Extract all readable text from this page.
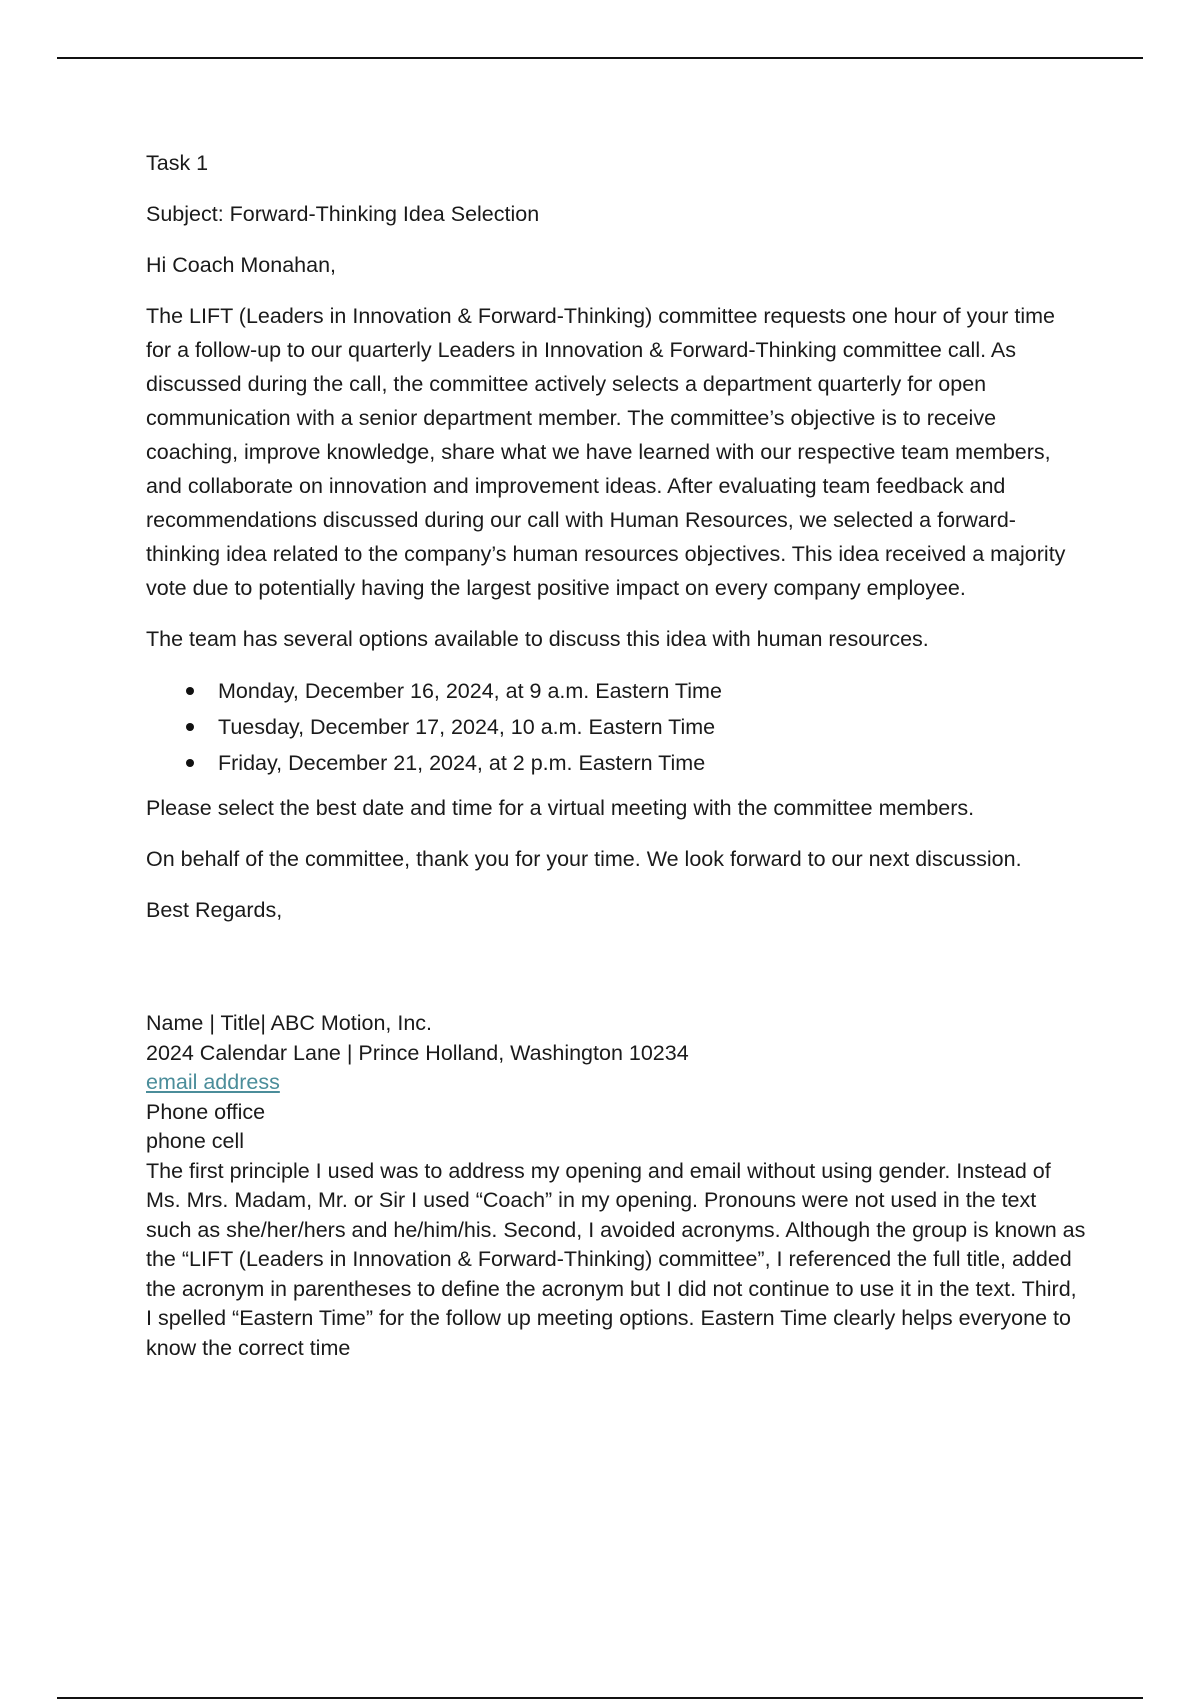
Task 1

Subject: Forward-Thinking Idea Selection

Hi Coach Monahan,

The LIFT (Leaders in Innovation & Forward-Thinking) committee requests one hour of your time for a follow-up to our quarterly Leaders in Innovation & Forward-Thinking committee call. As discussed during the call, the committee actively selects a department quarterly for open communication with a senior department member. The committee’s objective is to receive coaching, improve knowledge, share what we have learned with our respective team members, and collaborate on innovation and improvement ideas. After evaluating team feedback and recommendations discussed during our call with Human Resources, we selected a forward-thinking idea related to the company’s human resources objectives. This idea received a majority vote due to potentially having the largest positive impact on every company employee.

The team has several options available to discuss this idea with human resources.

Monday, December 16, 2024, at 9 a.m. Eastern Time
Tuesday, December 17, 2024, 10 a.m. Eastern Time
Friday, December 21, 2024, at 2 p.m. Eastern Time

Please select the best date and time for a virtual meeting with the committee members.

On behalf of the committee, thank you for your time. We look forward to our next discussion.

Best Regards,

Name | Title| ABC Motion, Inc.
2024 Calendar Lane | Prince Holland, Washington 10234
email address
Phone office
phone cell

The first principle I used was to address my opening and email without using gender. Instead of Ms. Mrs. Madam, Mr. or Sir I used “Coach” in my opening. Pronouns were not used in the text such as she/her/hers and he/him/his. Second, I avoided acronyms. Although the group is known as the “LIFT (Leaders in Innovation & Forward-Thinking) committee”, I referenced the full title, added the acronym in parentheses to define the acronym but I did not continue to use it in the text. Third, I spelled “Eastern Time” for the follow up meeting options. Eastern Time clearly helps everyone to know the correct time
